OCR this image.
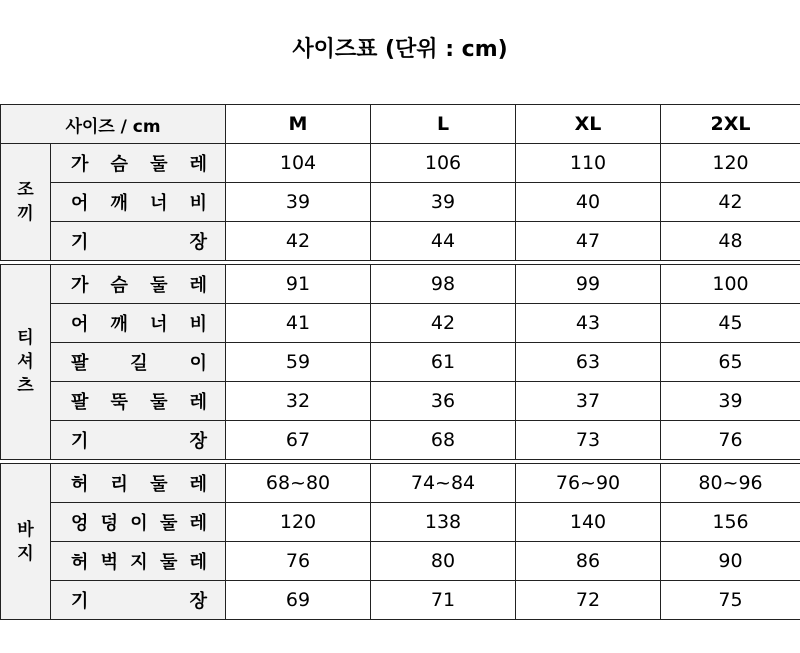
사이즈표 (단위 : cm)
사이즈 / cm		M	L	XL	2XL

조
끼	가 슴 둘 레	104	106	110	120
	어 깨 너 비	39	39	40	42
	기 장	42	44	47	48

티
셔
츠	가 슴 둘 레	91	98	99	100
	어 깨 너 비	41	42	43	45
	팔 길 이	59	61	63	65
	팔 뚝 둘 레	32	36	37	39
	기 장	67	68	73	76

바
지	허 리 둘 레	68~80	74~84	76~90	80~96
	엉 덩 이 둘 레	120	138	140	156
	허 벅 지 둘 레	76	80	86	90
	기 장	69	71	72	75
